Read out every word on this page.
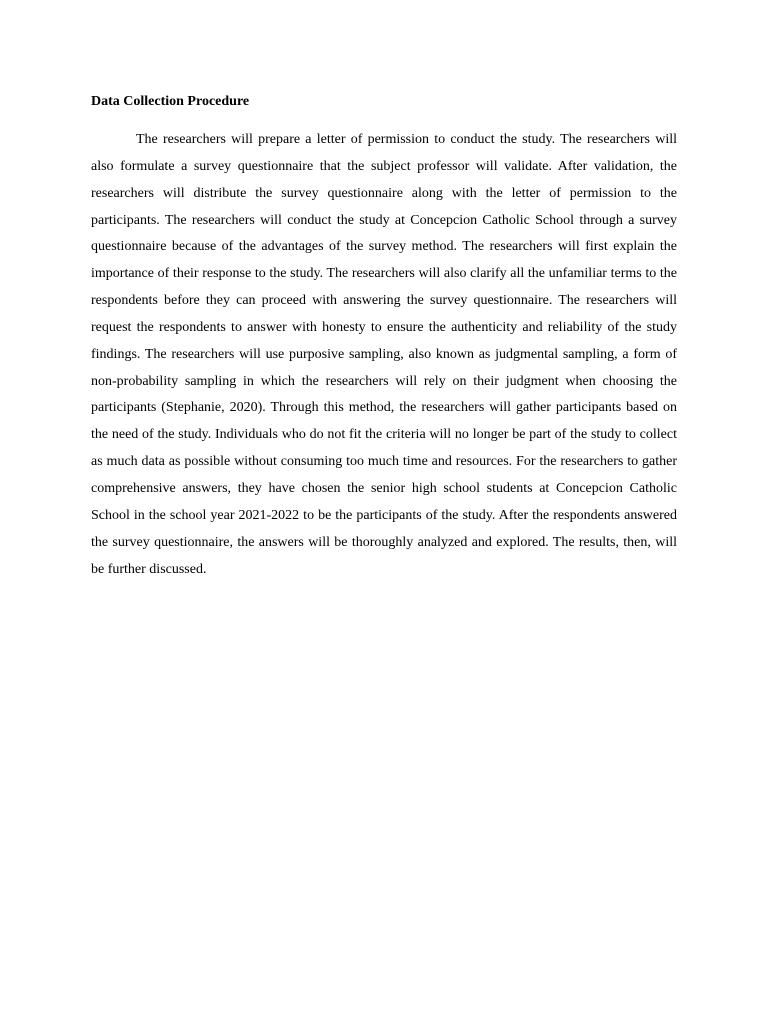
Data Collection Procedure

The researchers will prepare a letter of permission to conduct the study. The researchers will also formulate a survey questionnaire that the subject professor will validate. After validation, the researchers will distribute the survey questionnaire along with the letter of permission to the participants. The researchers will conduct the study at Concepcion Catholic School through a survey questionnaire because of the advantages of the survey method. The researchers will first explain the importance of their response to the study. The researchers will also clarify all the unfamiliar terms to the respondents before they can proceed with answering the survey questionnaire. The researchers will request the respondents to answer with honesty to ensure the authenticity and reliability of the study findings. The researchers will use purposive sampling, also known as judgmental sampling, a form of non-probability sampling in which the researchers will rely on their judgment when choosing the participants (Stephanie, 2020). Through this method, the researchers will gather participants based on the need of the study. Individuals who do not fit the criteria will no longer be part of the study to collect as much data as possible without consuming too much time and resources. For the researchers to gather comprehensive answers, they have chosen the senior high school students at Concepcion Catholic School in the school year 2021-2022 to be the participants of the study. After the respondents answered the survey questionnaire, the answers will be thoroughly analyzed and explored. The results, then, will be further discussed.
